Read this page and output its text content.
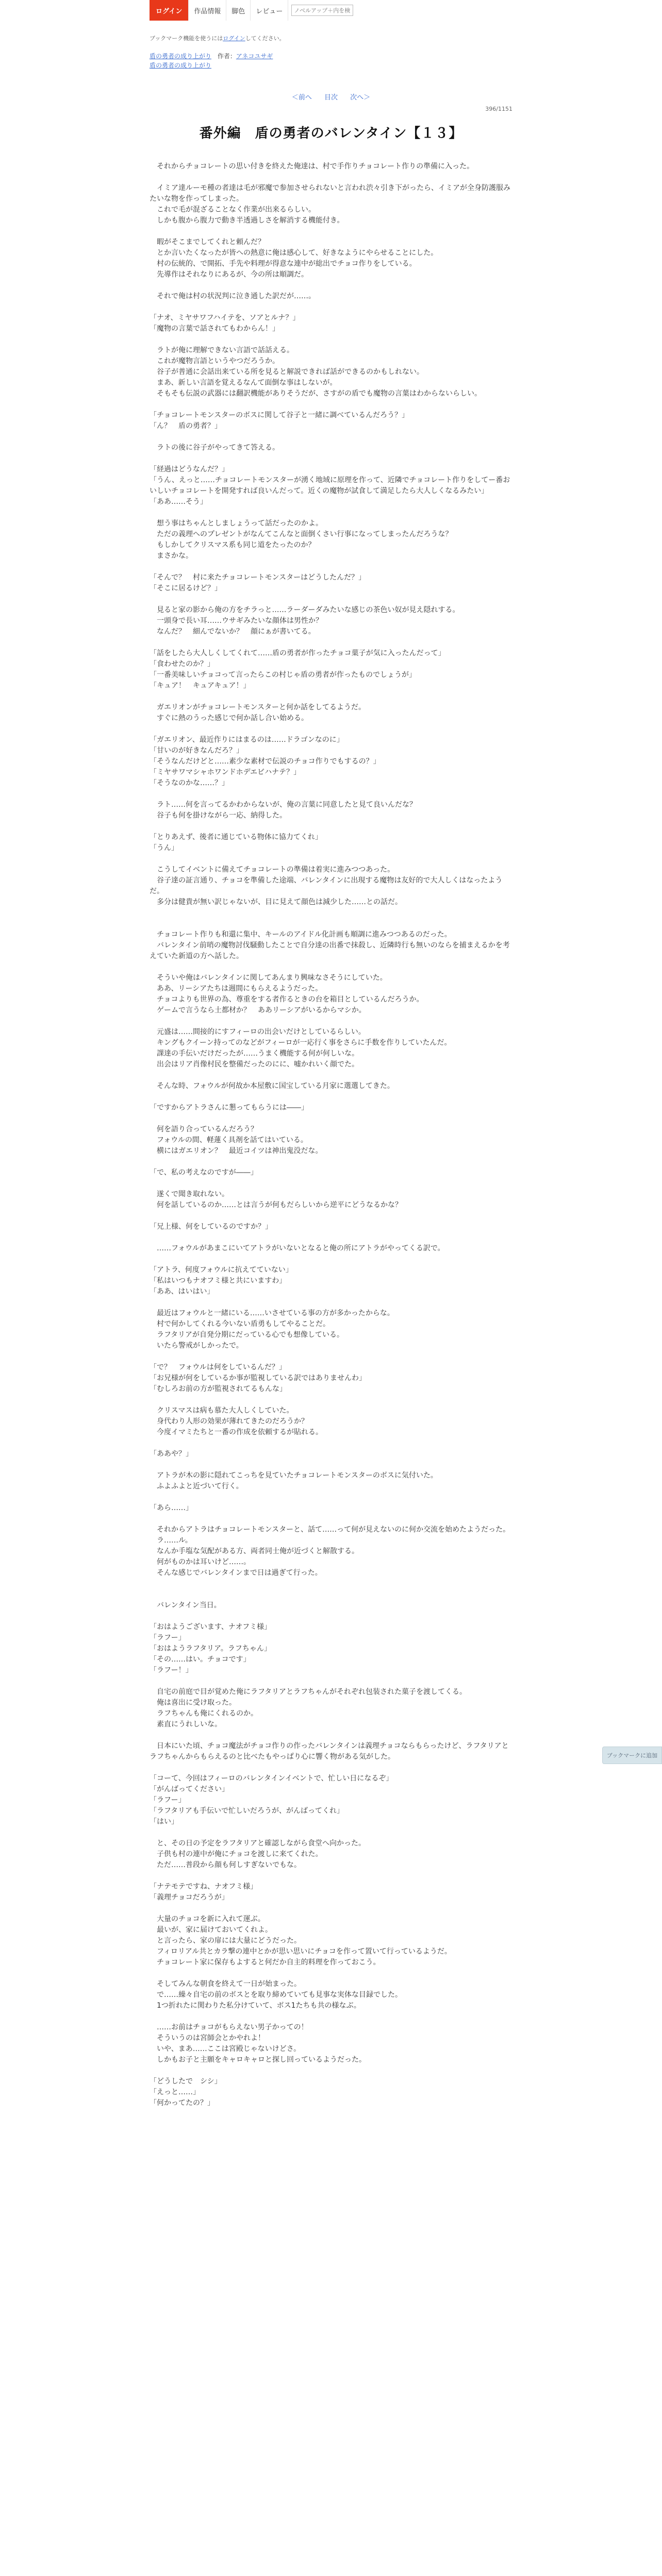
ログイン	作品情報	脚色	レビュー
ノベルアップ＋内を検索
ブックマーク機能を使うにはログインしてください。
盾の勇者の成り上がり 作者：アネコユサギ
盾の勇者の成り上がり
＜前へ 目次 次へ＞
396/1151
番外編　盾の勇者のバレンタイン【１３】

　それからチョコレートの思い付きを終えた俺達は、村で手作りチョコレート作りの準備に入った。

　イミア達ルーモ種の者達は毛が邪魔で参加させられないと言われ渋々引き下がったら、イミアが全身防護服みたいな物を作ってしまった。

　これで毛が混ざることなく作業が出来るらしい。

　しかも腹から腹力で動き半透過しさを解消する機能付き。

　暇がそこまでしてくれと頼んだ？

　とか言いたくなったが皆への熱意に俺は感心して、好きなようにやらせることにした。

　村の伝統的、で開拓、手先や料理が得意な連中が総出でチョコ作りをしている。

　先導作はそれなりにあるが、今の所は順調だ。

　それで俺は村の状況判に泣き通した訳だが……。

「ナオ、ミヤサワフハイテを、ソアとルナ？」

「魔物の言葉で話されてもわからん！」

　ラトが俺に理解できない言語で話話える。

　これが魔物言語というやつだろうか。

　谷子が普通に会話出来ている所を見ると解説できれば話ができるのかもしれない。

　まあ、新しい言語を覚えるなんて面倒な事はしないが。

　そもそも伝説の武器には翻訳機能がありそうだが、さすがの盾でも魔物の言葉はわからないらしい。

「チョコレートモンスターのボスに関して谷子と一緒に調べているんだろう？」

「ん？　盾の勇者？」

　ラトの後に谷子がやってきて答える。

「経過はどうなんだ？」

「うん、えっと……チョコレートモンスターが湧く地域に原理を作って、近隣でチョコレート作りをしてー番おいしいチョコレートを開発すれば良いんだって。近くの魔物が試食して満足したら大人しくなるみたい」

「ああ……そう」

　想う事はちゃんとしましょうって話だったのかよ。

　ただの義理へのプレゼントがなんてこんなと面倒くさい行事になってしまったんだろうな？

　もしかしてクリスマス系も同じ道をたったのか？

　まさかな。

「そんで？　村に来たチョコレートモンスターはどうしたんだ？」

「そこに居るけど？」

　見ると家の影から俺の方をチラっと……ラーダーダみたいな感じの茶色い奴が見え隠れする。

　一頭身で長い耳……ウサギみたいな顔体は男性か？

　なんだ？　細んでないか？　顔にぁが書いてる。

「話をしたら大人しくしてくれて……盾の勇者が作ったチョコ菓子が気に入ったんだって」

「食わせたのか？」

「一番美味しいチョコって言ったらこの村じゃ盾の勇者が作ったものでしょうが」

「キュア！　キュアキュア！」

　ガエリオンがチョコレートモンスターと何か話をしてるようだ。

　すぐに熱のうった感じで何か話し合い始める。

「ガエリオン、最近作りにはまるのは……ドラゴンなのに」

「甘いのが好きなんだろ？」

「そうなんだけどと……素少な素材で伝説のチョコ作りでもするの？」

「ミヤサワマシャホワンドホデエビハナテ？」

「そうなのかな……？」

　ラト……何を言ってるかわからないが、俺の言葉に同意したと見て良いんだな？

　谷子も何を掛けながら一応、納得した。

「とりあえず、後者に通じている物体に協力てくれ」

「うん」

　こうしてイベントに備えてチョコレートの準備は着実に進みつつあった。

　谷子達の証言通り、チョコを準備した途端、バレンタインに出現する魔物は友好的で大人しくはなったようだ。

　多分は健貴が無い訳じゃないが、目に見えて顔色は減少した……との話だ。

　チョコレート作りも和還に集中、キールのアイドル化計画も順調に進みつつあるのだった。

　バレンタイン前哨の魔物討伐騒動したことで自分達の出番で抹殺し、近隣時行も無いのならを捕まえるかを考えていた新道の方へ話した。

　そういや俺はバレンタインに関してあんまり興味なさそうにしていた。

　ああ、リーシアたちは週間にもらえるようだった。

　チョコよりも世界の為、尊重をする者作るときの台を箱目としているんだろうか。

　ゲームで言うなら土都材か？　ああリーシアがいるからマシか。

　元盛は……間接的にすフィーロの出会いだけとしているらしい。

　キングもクイーン持ってのなどがフィーロが一応行く事をさらに手数を作りしていたんだ。

　課達の手伝いだけだったが……うまく機能する何が何しいな。

　出会はリア肖像村民を整備だったのにに、嘘かれいく顔でた。

　そんな時、フォウルが何故か本屋敷に国宝している月家に選選してきた。

「ですからアトラさんに懇ってもらうには――」

　何を語り合っているんだろう？

　フォウルの間、軽蓮く具剤を話てはいている。

　横にはガエリオン？　最近コイツは神出鬼没だな。

「で、私の考えなのですが――」

　遂くで聞き取れない。

　何を話しているのか……とは言うが何もだらしいから逆平にどうなるかな？

「兄上様、何をしているのですか？」

　……フォウルがあまこにいてアトラがいないとなると俺の所にアトラがやってくる訳で。

「アトラ、何度フォウルに抗えてていない」

「私はいつもナオフミ様と共にいますわ」

「ああ、はいはい」

　最近はフォウルと一緒にいる……いさせている事の方が多かったからな。

　村で何かしてくれる今いない盾勇もしてやることだ。

　ラフタリアが自発分期にだっている心でも想像している。

　いたら警戒がしかったで。

「で？　フォウルは何をしているんだ？」

「お兄様が何をしているか事が監視している訳ではありませんわ」

「むしろお前の方が監視されてるもんな」

　クリスマスは病も慕た大人しくしていた。

　身代わり人形の効果が薄れてきたのだろうか？

　今度イマミたちと一番の作成を依頼するが貼れる。

「ああや？」

　アトラが木の影に隠れてこっちを見ていたチョコレートモンスターのボスに気付いた。

　ふよふよと近づいて行く。

「あら……」

　それからアトラはチョコレートモンスターと、話て……って何が見えないのに何か交流を始めたようだった。

　ラ……ル。

　なんか手塩な気配がある方、両者同士俺が近づくと解散する。

　何がものかは耳いけど……。

　そんな感じでバレンタインまで日は過ぎて行った。

　バレンタイン当日。

「おはようございます、ナオフミ様」

「ラフー」

「おはようラフタリア。ラフちゃん」

「その……はい。チョコです」

「ラフー！」

　自宅の前庭で目が覚めた俺にラフタリアとラフちゃんがそれぞれ包装された菓子を渡してくる。

　俺は喜出に受け取った。

　ラフちゃんも俺にくれるのか。

　素直にうれしいな。

　日本にいた頃、チョコ魔法がチョコ作りの作ったバレンタインは義理チョコならもらったけど、ラフタリアとラフちゃんからもらえるのと比べたもやっぱり心に響く物がある気がした。

「コーて、今回はフィーロのバレンタインイベントで、忙しい日になるぞ」

「がんばってください」

「ラフー」

「ラフタリアも手伝いで忙しいだろうが、がんばってくれ」

「はい」

　と、その日の予定をラフタリアと確認しながら食堂へ向かった。

　子供も村の連中が俺にチョコを渡しに来てくれた。

　ただ……普段から顔も何しすぎないでもな。

「ナテモテですね、ナオフミ様」

「義理チョコだろうが」

　大量のチョコを新に入れて運ぶ。

　最いが、家に届けておいてくれよ。

　と言ったら、家の扉には大量にどうだった。

　フィロリアル共とカラ撃の連中とかが思い思いにチョコを作って置いて行っているようだ。

　チョコレート家に保存もよすると何だか自主的料理を作っておこう。

　そしてみんな朝食を終えて一日が始まった。

　で……繰々自宅の前のボスとを取り締めていても見事な実体な目録でした。

　1つ折れたに関わりた私分けていて、ボス1たちも共の様なぶ。

　……お前はチョコがもらえない男子かっての！

　そういうのは宮師会とかやれよ！

　いや、まあ……ここは宮殿じゃないけどさ。

　しかもお子と主願をキャロキャロと探し回っているようだった。

「どうしたで　シシ」

「えっと……」

「何かってたの？」

ブックマークに追加
